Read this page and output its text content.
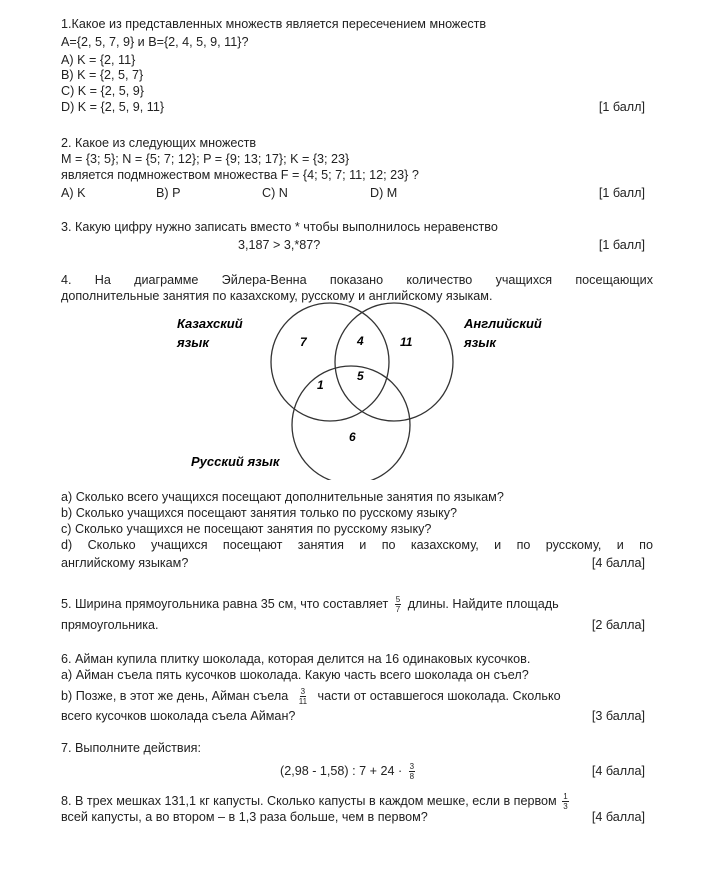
1.Какое из представленных множеств является пересечением множеств
A={2, 5, 7, 9} и B={2, 4, 5, 9, 11}?
A) K = {2, 11}
B) K = {2, 5, 7}
C) K = {2, 5, 9}
D) K = {2, 5, 9, 11}	[1 балл]
2. Какое из следующих множеств
M = {3; 5}; N = {5; 7; 12}; P = {9; 13; 17}; K = {3; 23}
является подмножеством множества F = {4; 5; 7; 11; 12; 23} ?
A) K	B) P	C) N	D) M	[1 балл]
3. Какую цифру нужно записать вместо * чтобы выполнилось неравенство
3,187 > 3,*87?	[1 балл]
4. На диаграмме Эйлера-Венна показано количество учащихся посещающих
дополнительные занятия по казахскому, русскому и английскому языкам.
Казахский
язык
Английский
язык
Русский язык
7	4	11
1
5
6
a) Сколько всего учащихся посещают дополнительные занятия по языкам?
b) Сколько учащихся посещают занятия только по русскому языку?
c) Сколько учащихся не посещают занятия по русскому языку?
d) Сколько учащихся посещают занятия и по казахскому, и по русскому, и по
английскому языкам?	[4 балла]
5. Ширина прямоугольника равна 35 см, что составляет $\frac{5}{7}$ длины. Найдите площадь
прямоугольника.	[2 балла]
6. Айман купила плитку шоколада, которая делится на 16 одинаковых кусочков.
а) Айман съела пять кусочков шоколада. Какую часть всего шоколада он съел?
b) Позже, в этот же день, Айман съела $\frac{3}{11}$ части от оставшегося шоколада. Сколько
всего кусочков шоколада съела Айман?	[3 балла]
7. Выполните действия:
(2,98 - 1,58) : $7 + 24 \cdot \frac{3}{8}$	[4 балла]
8. В трех мешках 131,1 кг капусты. Сколько капусты в каждом мешке, если в первом $\frac{1}{3}$
всей капусты, а во втором – в 1,3 раза больше, чем в первом?	[4 балла]
